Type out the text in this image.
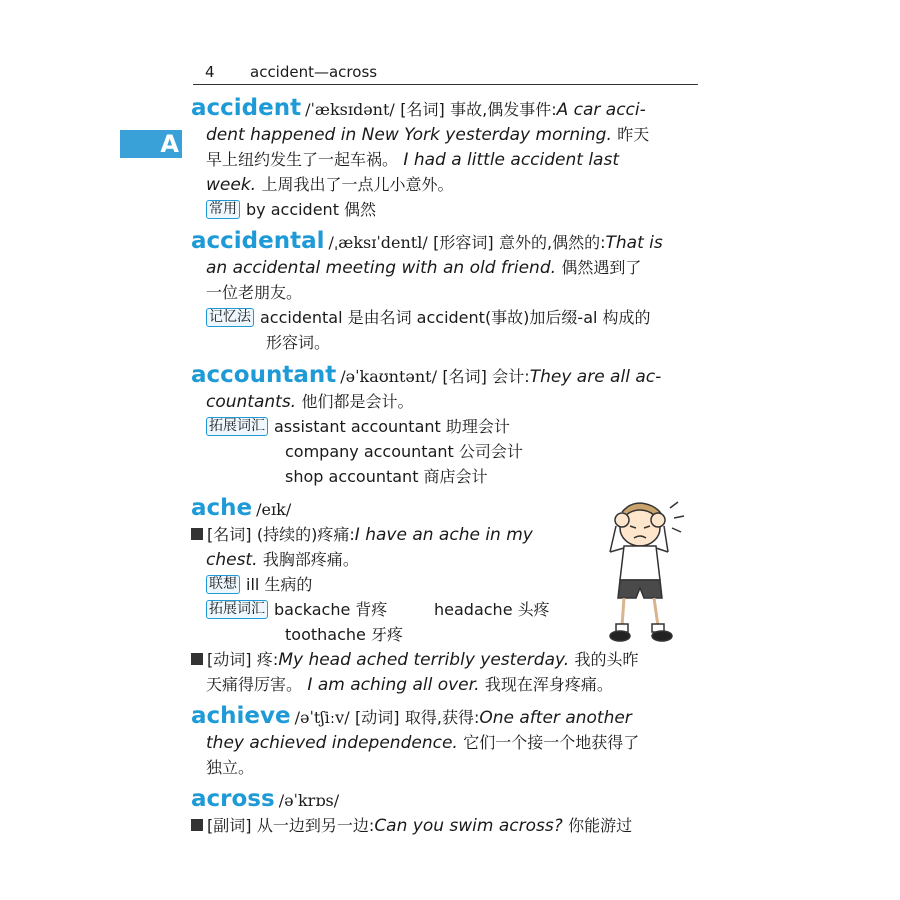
4 accident—across
A
accident /ˈæksɪdənt/ [名词] 事故,偶发事件:A car acci-
dent happened in New York yesterday morning. 昨天
早上纽约发生了一起车祸。 I had a little accident last
week. 上周我出了一点儿小意外。
常用 by accident 偶然
accidental /ˌæksɪˈdentl/ [形容词] 意外的,偶然的:That is
an accidental meeting with an old friend. 偶然遇到了
一位老朋友。
记忆法 accidental 是由名词 accident(事故)加后缀-al 构成的
形容词。
accountant /əˈkaʊntənt/ [名词] 会计:They are all ac-
countants. 他们都是会计。
拓展词汇 assistant accountant 助理会计
company accountant 公司会计
shop accountant 商店会计
ache /eɪk/
[名词] (持续的)疼痛:I have an ache in my
chest. 我胸部疼痛。
联想 ill 生病的
拓展词汇 backache 背疼	headache 头疼
toothache 牙疼
[动词] 疼:My head ached terribly yesterday. 我的头昨
天痛得厉害。 I am aching all over. 我现在浑身疼痛。
achieve /əˈtʃiːv/ [动词] 取得,获得:One after another
they achieved independence. 它们一个接一个地获得了
独立。
across /əˈkrɒs/
[副词] 从一边到另一边:Can you swim across? 你能游过
